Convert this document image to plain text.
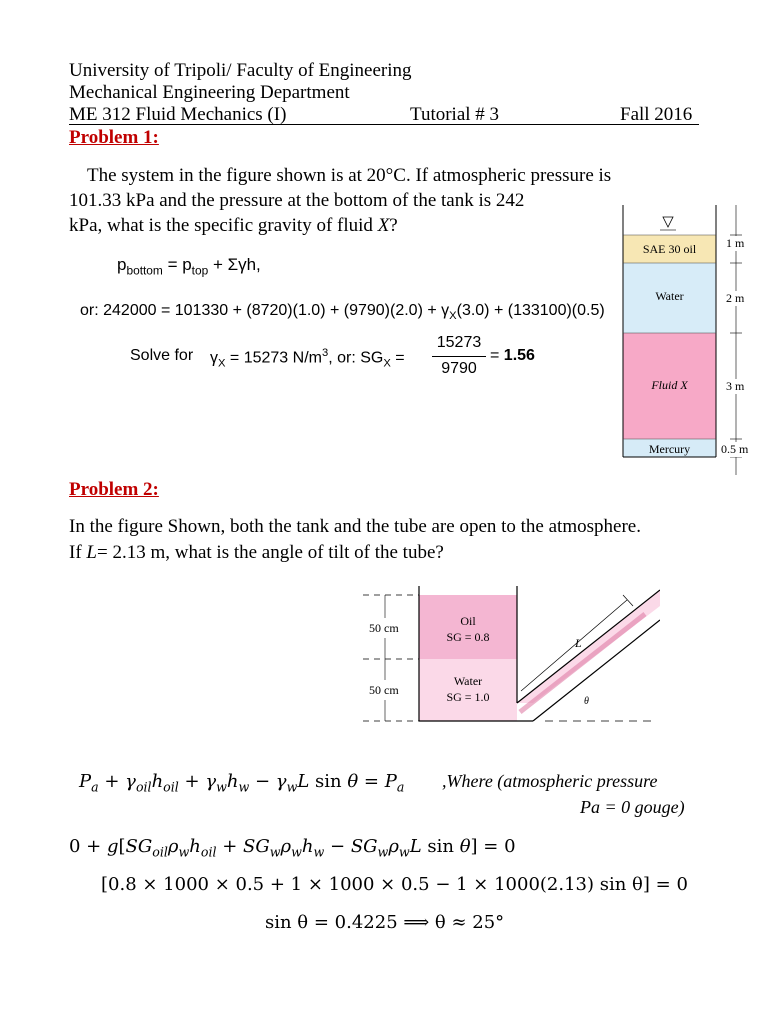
University of Tripoli/ Faculty of Engineering
Mechanical Engineering Department
ME 312 Fluid Mechanics (I)	Tutorial # 3	Fall 2016
Problem 1:
The system in the figure shown is at 20°C. If atmospheric pressure is
101.33 kPa and the pressure at the bottom of the tank is 242
kPa, what is the specific gravity of fluid X?
$p_{bottom} = p_{top} + \Sigma\gamma h$,
or: $242000 = 101330 + (8720)(1.0) + (9790)(2.0) + \gamma_X(3.0) + (133100)(0.5)$
Solve for $\gamma_X = 15273$ $N/m^3$, or: $SG_X$ =
15273
9790
= 1.56
SAE 30 oil
Water
Fluid X
Mercury
1 m
2 m
3 m
0.5 m
Problem 2:
In the figure Shown, both the tank and the tube are open to the atmosphere.
If L= 2.13 m, what is the angle of tilt of the tube?
Oil
SG = 0.8
Water
SG = 1.0
50 cm
50 cm
L
θ
$P_a + \gamma_{oil}h_{oil} + \gamma_wh_w - \gamma_wL$ $\sin \theta = P_a$ ,Where (atmospheric pressure
Pa = 0 gouge)
$0 + g[SG_{oil}\rho_wh_{oil} + SG_w\rho_wh_w - SG_w\rho_wL$ sin θ] = 0
[0.8 × 1000 × 0.5 + 1 × 1000 × 0.5 − 1 × 1000(2.13) sin θ] = 0
sin θ = 0.4225 ⟹ θ ≈ 25°
